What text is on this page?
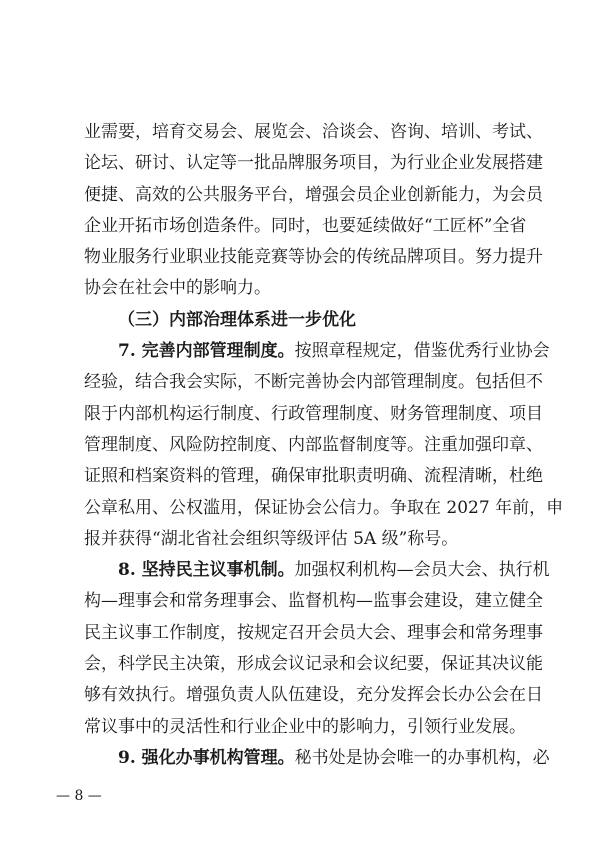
业需要，培育交易会、展览会、洽谈会、咨询、培训、考试、
论坛、研讨、认定等一批品牌服务项目，为行业企业发展搭建
便捷、高效的公共服务平台，增强会员企业创新能力，为会员
企业开拓市场创造条件。同时，也要延续做好“工匠杯”全省
物业服务行业职业技能竞赛等协会的传统品牌项目。努力提升
协会在社会中的影响力。
（三）内部治理体系进一步优化
7. 完善内部管理制度。按照章程规定，借鉴优秀行业协会
经验，结合我会实际，不断完善协会内部管理制度。包括但不
限于内部机构运行制度、行政管理制度、财务管理制度、项目
管理制度、风险防控制度、内部监督制度等。注重加强印章、
证照和档案资料的管理，确保审批职责明确、流程清晰，杜绝
公章私用、公权滥用，保证协会公信力。争取在 2027 年前，申
报并获得“湖北省社会组织等级评估 5A 级”称号。
8. 坚持民主议事机制。加强权利机构—会员大会、执行机
构—理事会和常务理事会、监督机构—监事会建设，建立健全
民主议事工作制度，按规定召开会员大会、理事会和常务理事
会，科学民主决策，形成会议记录和会议纪要，保证其决议能
够有效执行。增强负责人队伍建设，充分发挥会长办公会在日
常议事中的灵活性和行业企业中的影响力，引领行业发展。
9. 强化办事机构管理。秘书处是协会唯一的办事机构，必
— 8 —
